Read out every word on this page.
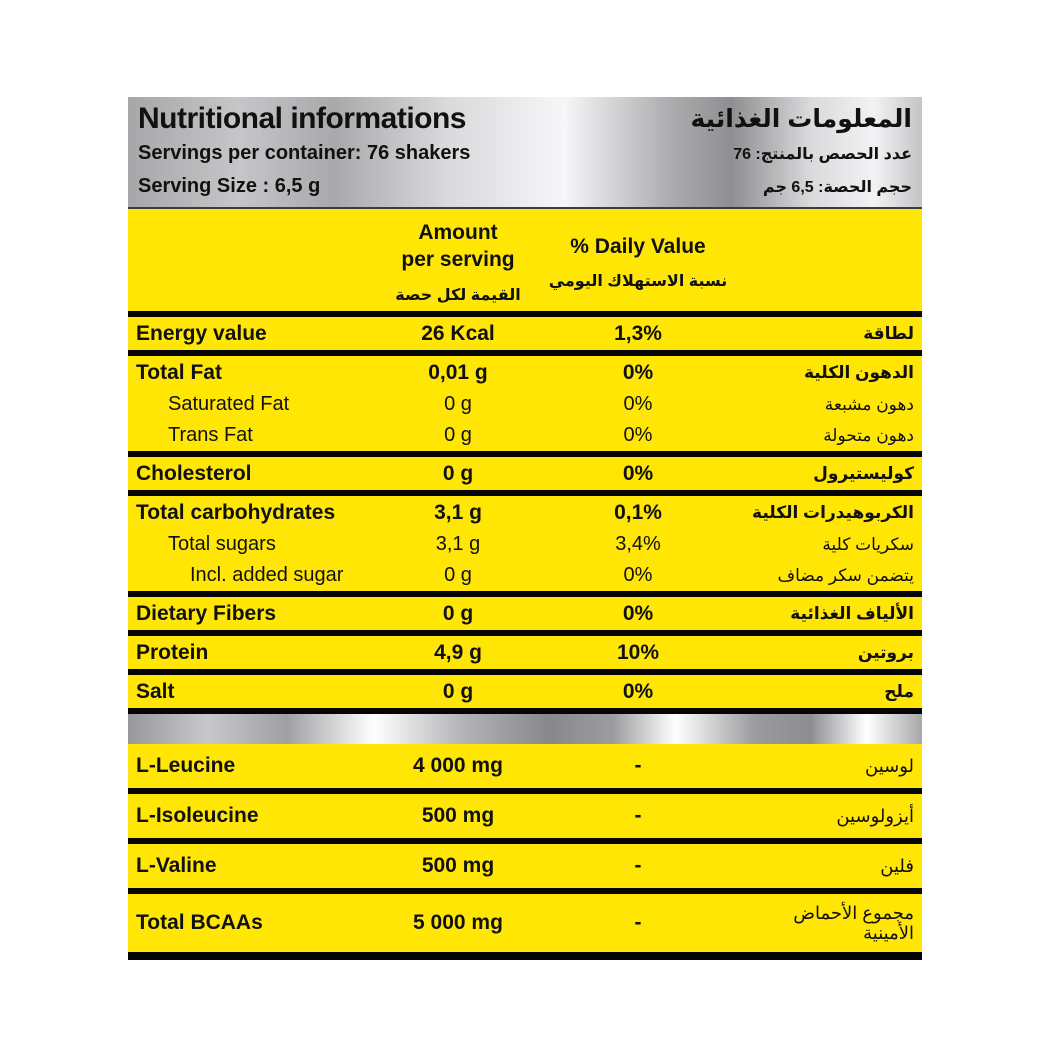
Nutritional informations
Servings per container: 76 shakers
Serving Size : 6,5 g
المعلومات الغذائية
عدد الحصص بالمنتج: 76
حجم الحصة: 6,5 جم
Amount
per serving
القيمة لكل حصة
% Daily Value
نسبة الاستهلاك اليومي
Energy value	26 Kcal	1,3%	لطاقة
Total Fat	0,01 g	0%	الدهون الكلية
Saturated Fat	0 g	0%	دهون مشبعة
Trans Fat	0 g	0%	دهون متحولة
Cholesterol	0 g	0%	كوليستيرول
Total carbohydrates	3,1 g	0,1%	الكربوهيدرات الكلية
Total sugars	3,1 g	3,4%	سكريات كلية
Incl. added sugar	0 g	0%	يتضمن سكر مضاف
Dietary Fibers	0 g	0%	الألياف الغذائية
Protein	4,9 g	10%	بروتين
Salt	0 g	0%	ملح
L-Leucine	4 000 mg	-	لوسين
L-Isoleucine	500 mg	-	أيزولوسين
L-Valine	500 mg	-	فلين
Total BCAAs	5 000 mg	-	مجموع الأحماض الأمينية
